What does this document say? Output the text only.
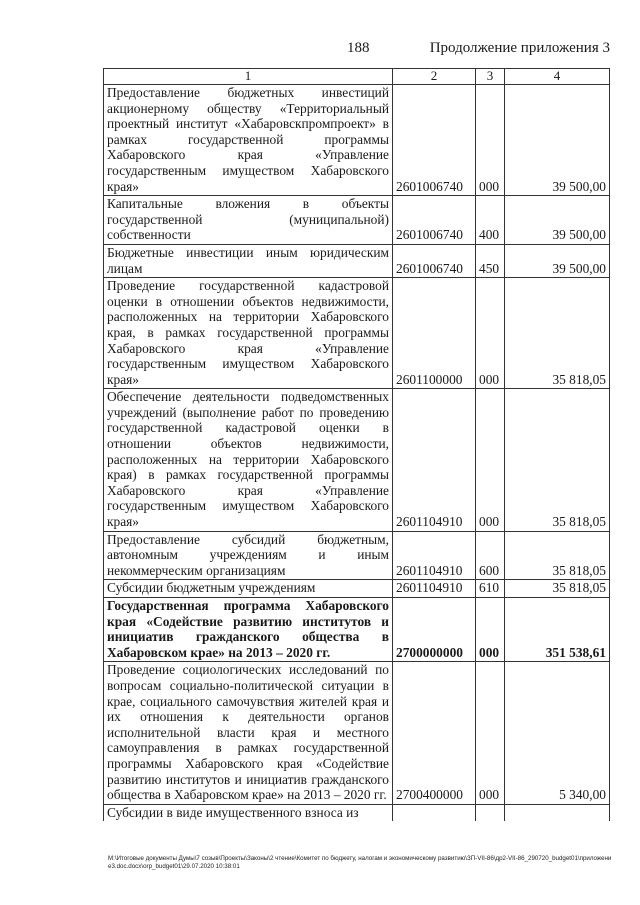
188	Продолжение приложения 3
1	2	3	4
Предоставление бюджетных инвестиций акционерному обществу «Территориальный проектный институт «Хабаровскпромпроект» в рамках государственной программы Хабаровского края «Управление государственным имуществом Хабаровского края»	2601006740	000	39 500,00
Капитальные вложения в объекты государственной (муниципальной) собственности	2601006740	400	39 500,00
Бюджетные инвестиции иным юридическим лицам	2601006740	450	39 500,00
Проведение государственной кадастровой оценки в отношении объектов недвижимости, расположенных на территории Хабаровского края, в рамках государственной программы Хабаровского края «Управление государственным имуществом Хабаровского края»	2601100000	000	35 818,05
Обеспечение деятельности подведомственных учреждений (выполнение работ по проведению государственной кадастровой оценки в отношении объектов недвижимости, расположенных на территории Хабаровского края) в рамках государственной программы Хабаровского края «Управление государственным имуществом Хабаровского края»	2601104910	000	35 818,05
Предоставление субсидий бюджетным, автономным учреждениям и иным некоммерческим организациям	2601104910	600	35 818,05
Субсидии бюджетным учреждениям	2601104910	610	35 818,05
Государственная программа Хабаровского края «Содействие развитию институтов и инициатив гражданского общества в Хабаровском крае» на 2013 – 2020 гг.	2700000000	000	351 538,61
Проведение социологических исследований по вопросам социально-политической ситуации в крае, социального самочувствия жителей края и их отношения к деятельности органов исполнительной власти края и местного самоуправления в рамках государственной программы Хабаровского края «Содействие развитию институтов и инициатив гражданского общества в Хабаровском крае» на 2013 – 2020 гг.	2700400000	000	5 340,00
Субсидии в виде имущественного взноса из			
M:\Итоговые документы Думы\7 созыв\Проекты\Законы\2 чтение\Комитет по бюджету, налогам и экономическому развитию\ЗП-VII-86\др2-VII-86_290720_budget01\приложение3.doc.docx\orp_budget01\29.07.2020 10:38:01
